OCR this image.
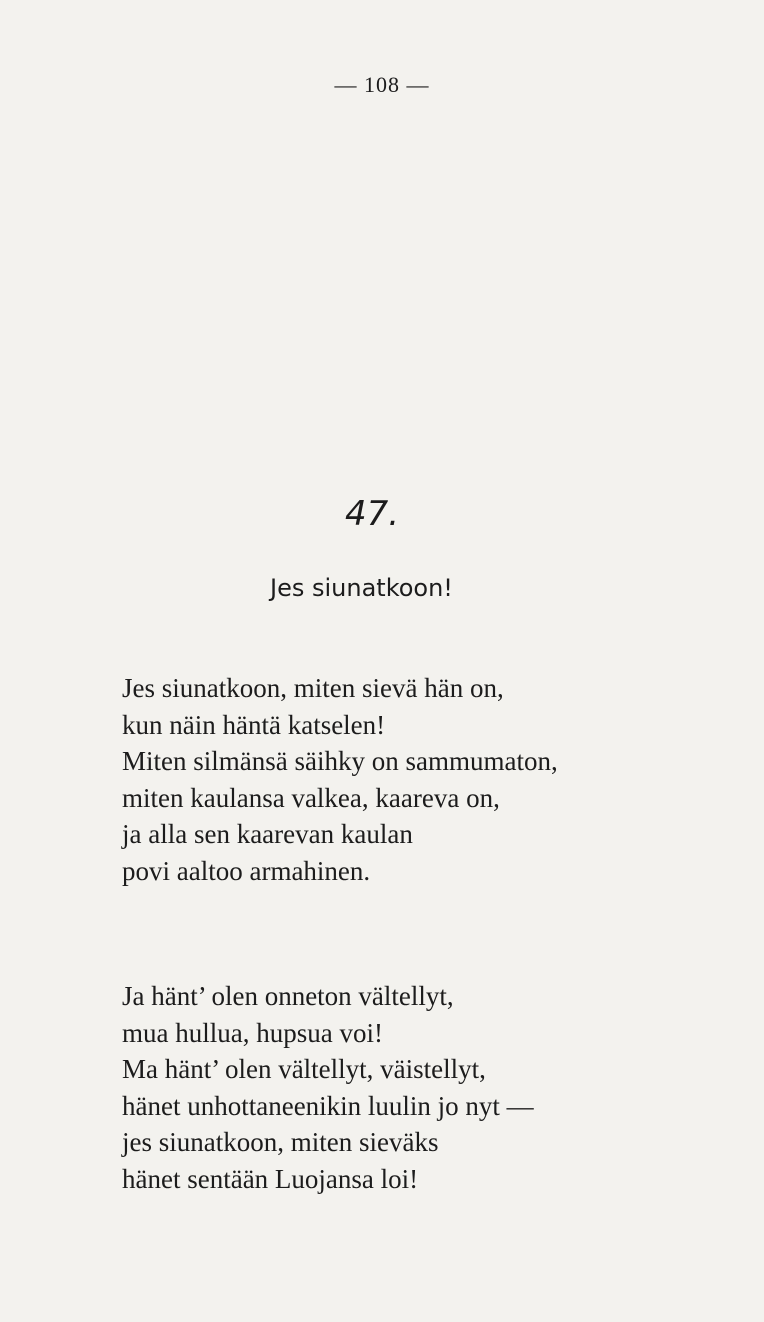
— 108 —
47.
Jes siunatkoon!
Jes siunatkoon, miten sievä hän on,
kun näin häntä katselen!
Miten silmänsä säihky on sammumaton,
miten kaulansa valkea, kaareva on,
ja alla sen kaarevan kaulan
povi aaltoo armahinen.
Ja hänt’ olen onneton vältellyt,
mua hullua, hupsua voi!
Ma hänt’ olen vältellyt, väistellyt,
hänet unhottaneenikin luulin jo nyt —
jes siunatkoon, miten sieväks
hänet sentään Luojansa loi!
